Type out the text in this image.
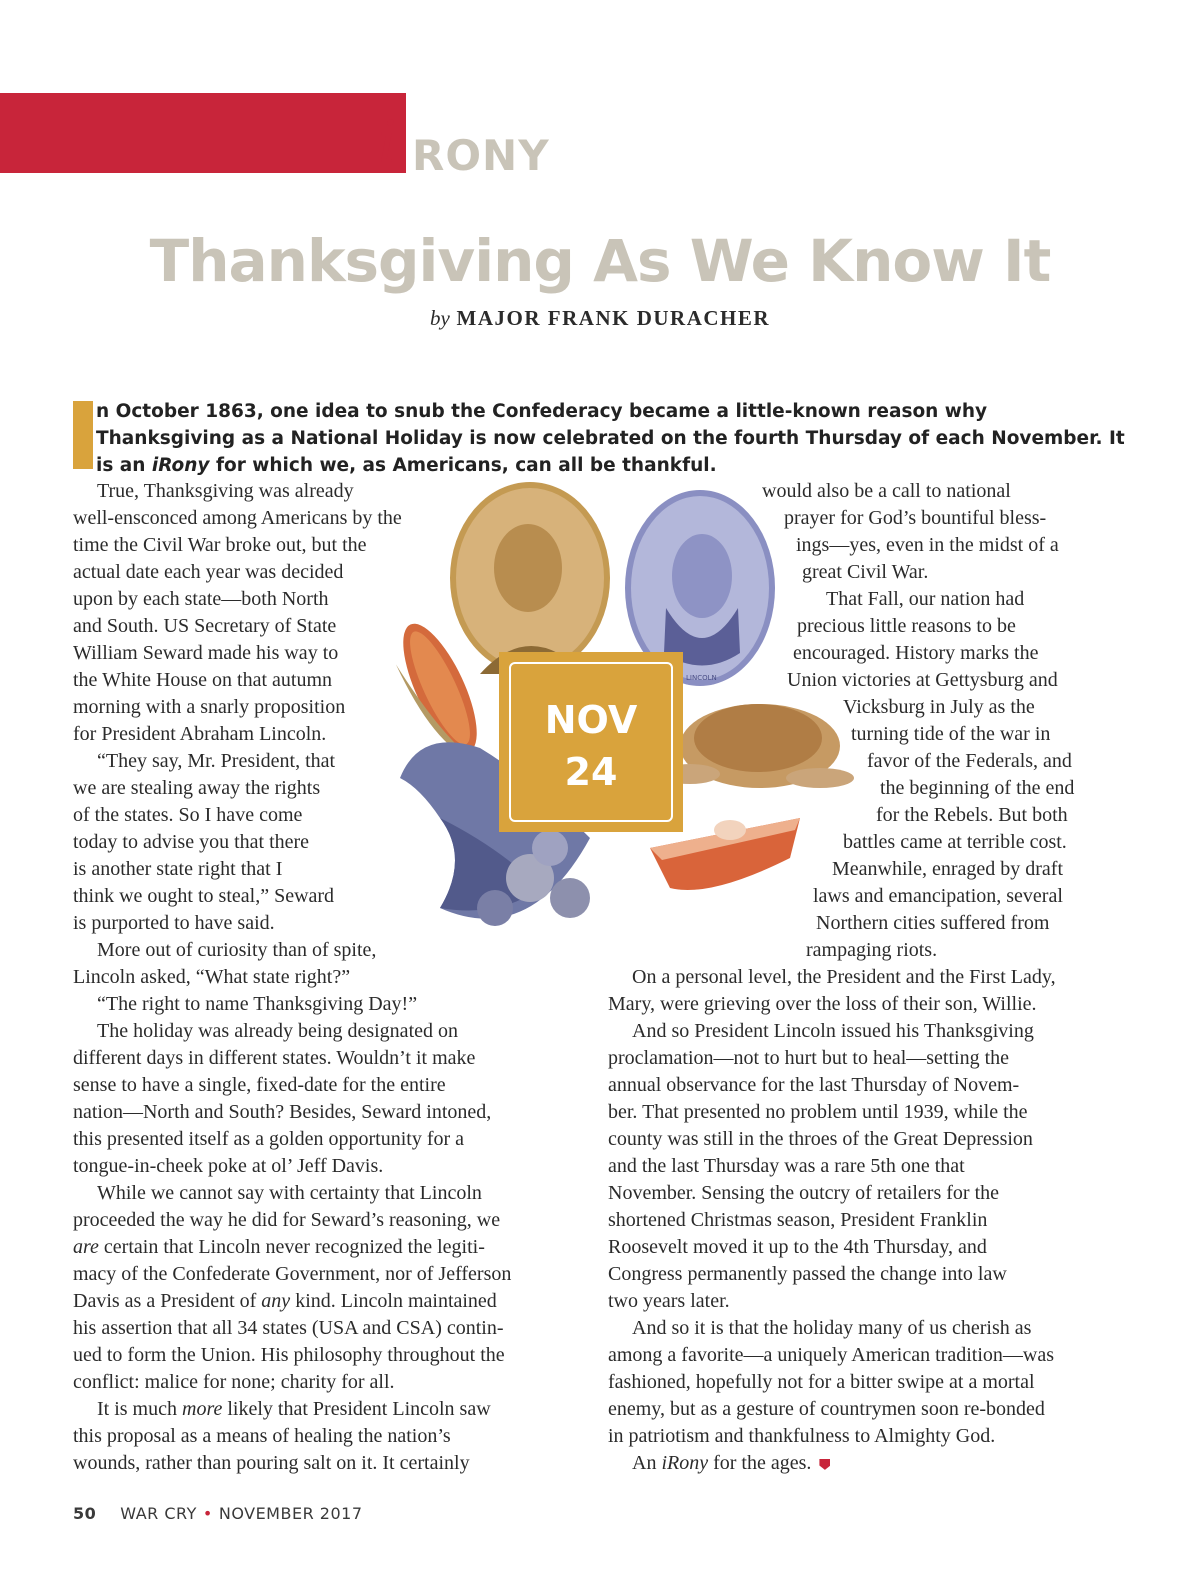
i RONY
Thanksgiving As We Know It
by MAJOR FRANK DURACHER
n October 1863, one idea to snub the Confederacy became a little-known reason why Thanksgiving as a National Holiday is now celebrated on the fourth Thursday of each November. It is an iRony for which we, as Americans, can all be thankful.
LINCOLN
NOV
24
True, Thanksgiving was already
well-ensconced among Americans by the
time the Civil War broke out, but the
actual date each year was decided
upon by each state—both North
and South. US Secretary of State
William Seward made his way to
the White House on that autumn
morning with a snarly proposition
for President Abraham Lincoln.
“They say, Mr. President, that
we are stealing away the rights
of the states. So I have come
today to advise you that there
is another state right that I
think we ought to steal,” Seward
is purported to have said.
More out of curiosity than of spite,
Lincoln asked, “What state right?”
“The right to name Thanksgiving Day!”
The holiday was already being designated on
different days in different states. Wouldn’t it make
sense to have a single, fixed-date for the entire
nation—North and South? Besides, Seward intoned,
this presented itself as a golden opportunity for a
tongue-in-cheek poke at ol’ Jeff Davis.
While we cannot say with certainty that Lincoln
proceeded the way he did for Seward’s reasoning, we
are certain that Lincoln never recognized the legiti-
macy of the Confederate Government, nor of Jefferson
Davis as a President of any kind. Lincoln maintained
his assertion that all 34 states (USA and CSA) contin-
ued to form the Union. His philosophy throughout the
conflict: malice for none; charity for all.
It is much more likely that President Lincoln saw
this proposal as a means of healing the nation’s
wounds, rather than pouring salt on it. It certainly
would also be a call to national
prayer for God’s bountiful bless-
ings—yes, even in the midst of a
great Civil War.
That Fall, our nation had
precious little reasons to be
encouraged. History marks the
Union victories at Gettysburg and
Vicksburg in July as the
turning tide of the war in
favor of the Federals, and
the beginning of the end
for the Rebels. But both
battles came at terrible cost.
Meanwhile, enraged by draft
laws and emancipation, several
Northern cities suffered from
rampaging riots.
On a personal level, the President and the First Lady,
Mary, were grieving over the loss of their son, Willie.
And so President Lincoln issued his Thanksgiving
proclamation—not to hurt but to heal—setting the
annual observance for the last Thursday of Novem-
ber. That presented no problem until 1939, while the
county was still in the throes of the Great Depression
and the last Thursday was a rare 5th one that
November. Sensing the outcry of retailers for the
shortened Christmas season, President Franklin
Roosevelt moved it up to the 4th Thursday, and
Congress permanently passed the change into law
two years later.
And so it is that the holiday many of us cherish as
among a favorite—a uniquely American tradition—was
fashioned, hopefully not for a bitter swipe at a mortal
enemy, but as a gesture of countrymen soon re-bonded
in patriotism and thankfulness to Almighty God.
An iRony for the ages.
50 WAR CRY • NOVEMBER 2017
